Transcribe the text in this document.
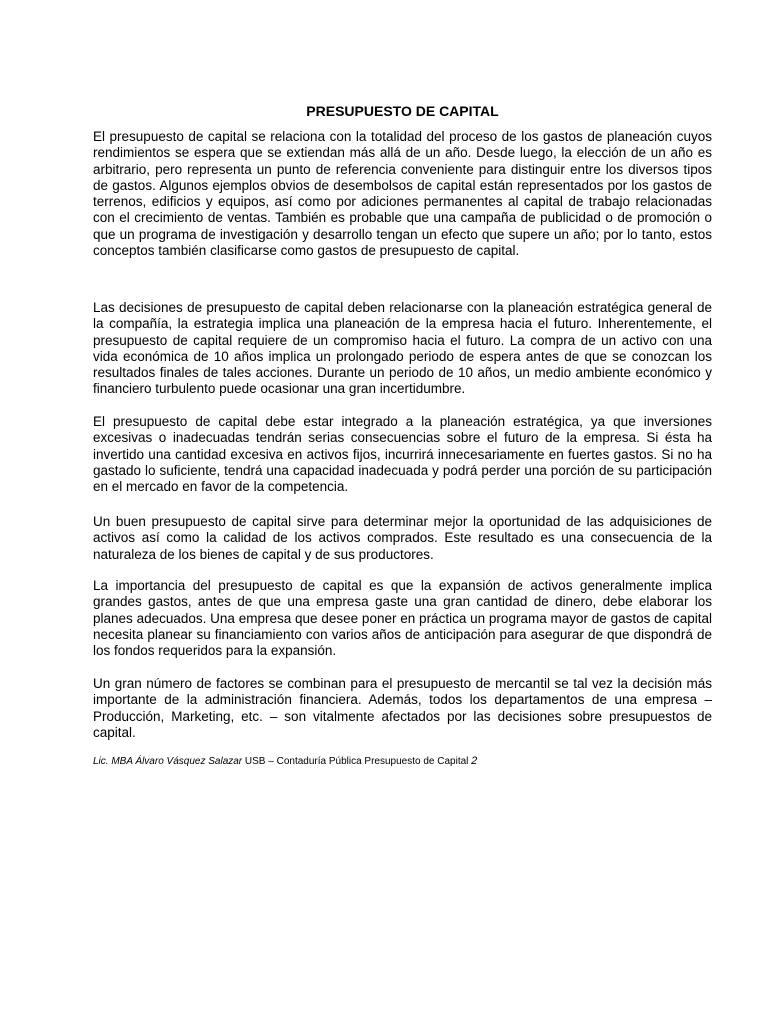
PRESUPUESTO DE CAPITAL

El presupuesto de capital se relaciona con la totalidad del proceso de los gastos de planeación cuyos rendimientos se espera que se extiendan más allá de un año. Desde luego, la elección de un año es arbitrario, pero representa un punto de referencia conveniente para distinguir entre los diversos tipos de gastos. Algunos ejemplos obvios de desembolsos de capital están representados por los gastos de terrenos, edificios y equipos, así como por adiciones permanentes al capital de trabajo relacionadas con el crecimiento de ventas. También es probable que una campaña de publicidad o de promoción o que un programa de investigación y desarrollo tengan un efecto que supere un año; por lo tanto, estos conceptos también clasificarse como gastos de presupuesto de capital.

Las decisiones de presupuesto de capital deben relacionarse con la planeación estratégica general de la compañía, la estrategia implica una planeación de la empresa hacia el futuro. Inherentemente, el presupuesto de capital requiere de un compromiso hacia el futuro. La compra de un activo con una vida económica de 10 años implica un prolongado periodo de espera antes de que se conozcan los resultados finales de tales acciones. Durante un periodo de 10 años, un medio ambiente económico y financiero turbulento puede ocasionar una gran incertidumbre.

El presupuesto de capital debe estar integrado a la planeación estratégica, ya que inversiones excesivas o inadecuadas tendrán serias consecuencias sobre el futuro de la empresa. Si ésta ha invertido una cantidad excesiva en activos fijos, incurrirá innecesariamente en fuertes gastos. Si no ha gastado lo suficiente, tendrá una capacidad inadecuada y podrá perder una porción de su participación en el mercado en favor de la competencia.

Un buen presupuesto de capital sirve para determinar mejor la oportunidad de las adquisiciones de activos así como la calidad de los activos comprados. Este resultado es una consecuencia de la naturaleza de los bienes de capital y de sus productores.

La importancia del presupuesto de capital es que la expansión de activos generalmente implica grandes gastos, antes de que una empresa gaste una gran cantidad de dinero, debe elaborar los planes adecuados. Una empresa que desee poner en práctica un programa mayor de gastos de capital necesita planear su financiamiento con varios años de anticipación para asegurar de que dispondrá de los fondos requeridos para la expansión.

Un gran número de factores se combinan para el presupuesto de mercantil se tal vez la decisión más importante de la administración financiera. Además, todos los departamentos de una empresa – Producción, Marketing, etc. – son vitalmente afectados por las decisiones sobre presupuestos de capital.

Lic. MBA Álvaro Vásquez Salazar USB – Contaduría Pública Presupuesto de Capital 2
